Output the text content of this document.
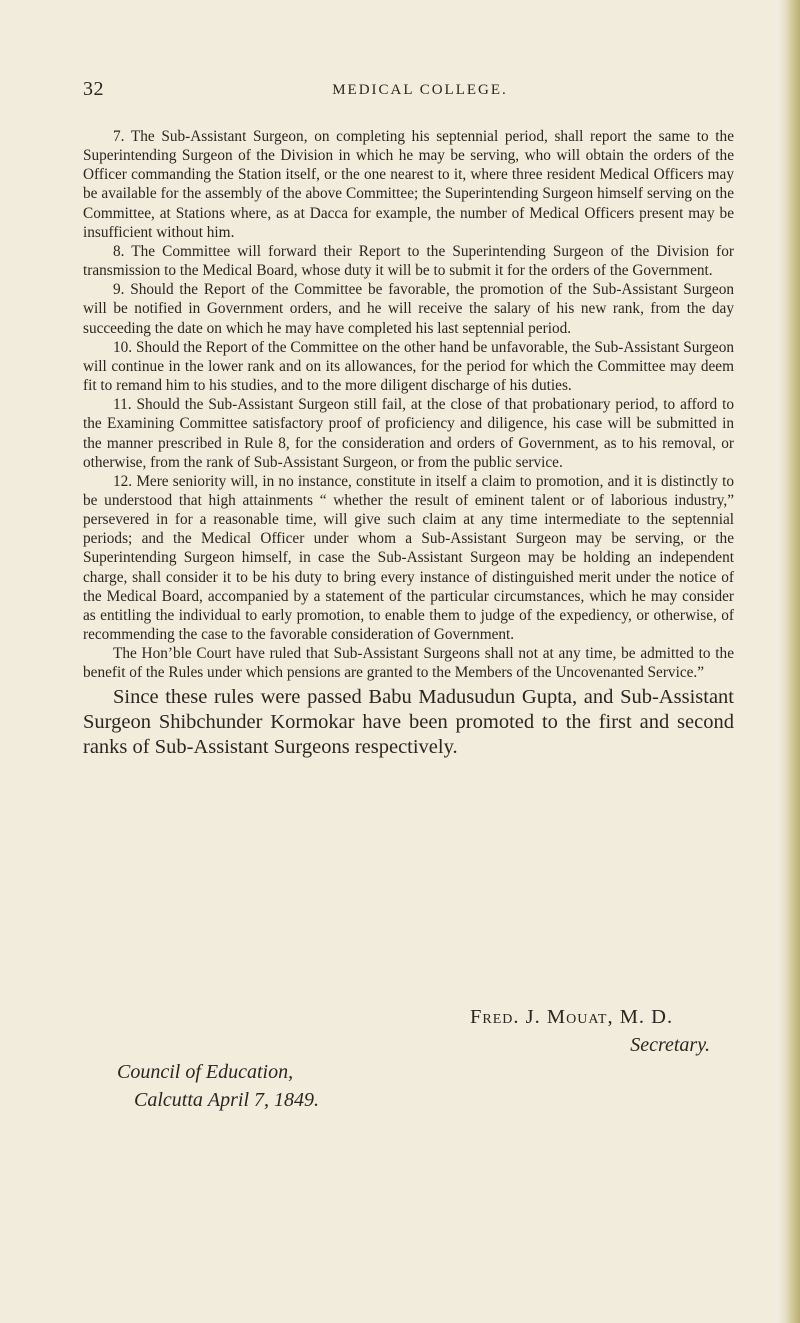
32	MEDICAL COLLEGE.

7. The Sub-Assistant Surgeon, on completing his septennial period, shall report the same to the Superintending Surgeon of the Division in which he may be serving, who will obtain the orders of the Officer commanding the Station itself, or the one nearest to it, where three resident Medical Officers may be available for the assembly of the above Committee; the Superintending Surgeon himself serving on the Committee, at Stations where, as at Dacca for example, the number of Medical Officers present may be insufficient without him.

8. The Committee will forward their Report to the Superintending Surgeon of the Division for transmission to the Medical Board, whose duty it will be to submit it for the orders of the Government.

9. Should the Report of the Committee be favorable, the promotion of the Sub-Assistant Surgeon will be notified in Government orders, and he will receive the salary of his new rank, from the day succeeding the date on which he may have completed his last septennial period.

10. Should the Report of the Committee on the other hand be unfavorable, the Sub-Assistant Surgeon will continue in the lower rank and on its allowances, for the period for which the Committee may deem fit to remand him to his studies, and to the more diligent discharge of his duties.

11. Should the Sub-Assistant Surgeon still fail, at the close of that probationary period, to afford to the Examining Committee satisfactory proof of proficiency and diligence, his case will be submitted in the manner prescribed in Rule 8, for the consideration and orders of Government, as to his removal, or otherwise, from the rank of Sub-Assistant Surgeon, or from the public service.

12. Mere seniority will, in no instance, constitute in itself a claim to promotion, and it is distinctly to be understood that high attainments “ whether the result of eminent talent or of laborious industry,” persevered in for a reasonable time, will give such claim at any time intermediate to the septennial periods; and the Medical Officer under whom a Sub-Assistant Surgeon may be serving, or the Superintending Surgeon himself, in case the Sub-Assistant Surgeon may be holding an independent charge, shall consider it to be his duty to bring every instance of distinguished merit under the notice of the Medical Board, accompanied by a statement of the particular circumstances, which he may consider as entitling the individual to early promotion, to enable them to judge of the expediency, or otherwise, of recommending the case to the favorable consideration of Government.

The Hon’ble Court have ruled that Sub-Assistant Surgeons shall not at any time, be admitted to the benefit of the Rules under which pensions are granted to the Members of the Uncovenanted Service.”

Since these rules were passed Babu Madusudun Gupta, and Sub-Assistant Surgeon Shibchunder Kormokar have been promoted to the first and second ranks of Sub-Assistant Surgeons respectively.

Fred. J. Mouat, M. D.
Secretary.
Council of Education,
Calcutta April 7, 1849.
